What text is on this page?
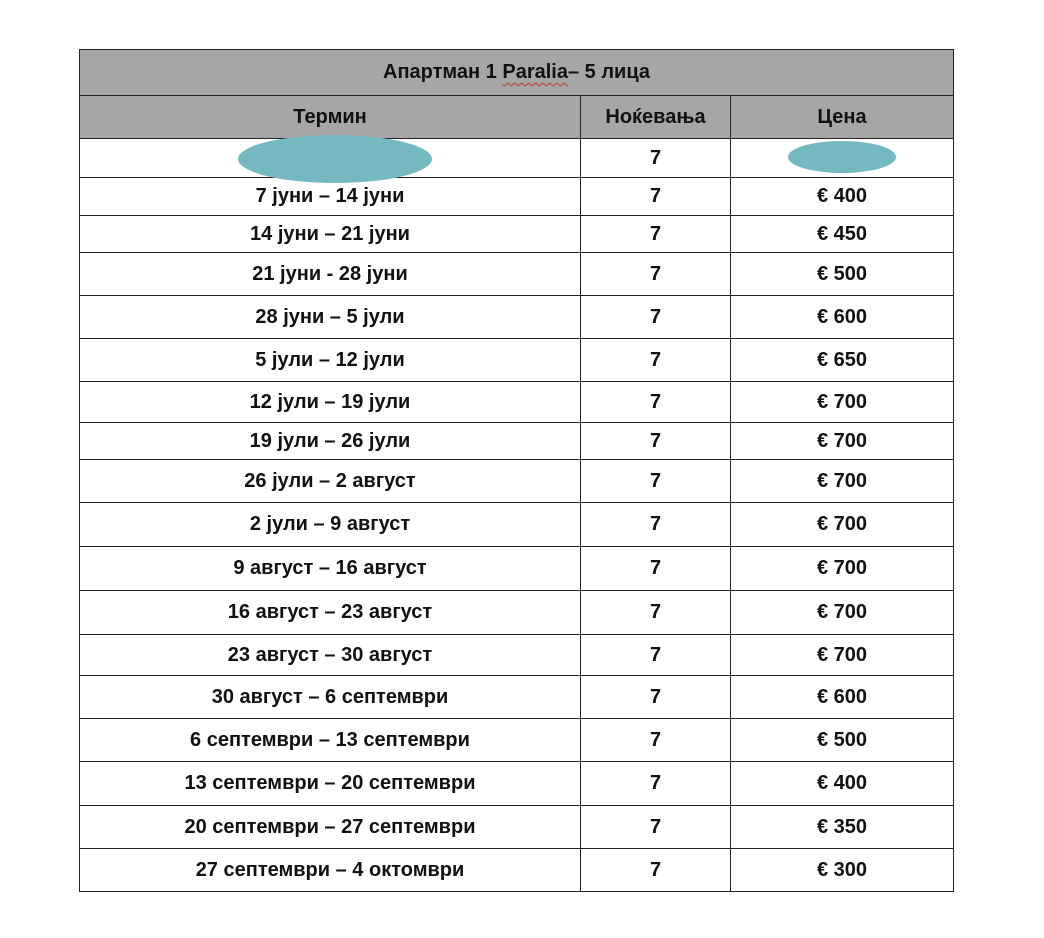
Апартман 1 Paralia– 5 лица		
Термин	Ноќевања	Цена

	7	

7 јуни – 14 јуни	7	€ 400
14 јуни – 21 јуни	7	€ 450
21 јуни - 28 јуни	7	€ 500
28 јуни – 5 јули	7	€ 600
5 јули – 12 јули	7	€ 650
12 јули – 19 јули	7	€ 700
19 јули – 26 јули	7	€ 700
26 јули – 2 август	7	€ 700
2 јули – 9 август	7	€ 700
9 август – 16 август	7	€ 700
16 август – 23 август	7	€ 700
23 август – 30 август	7	€ 700
30 август – 6 септември	7	€ 600
6 септември – 13 септември	7	€ 500
13 септември – 20 септември	7	€ 400
20 септември – 27 септември	7	€ 350
27 септември – 4 октомври	7	€ 300
